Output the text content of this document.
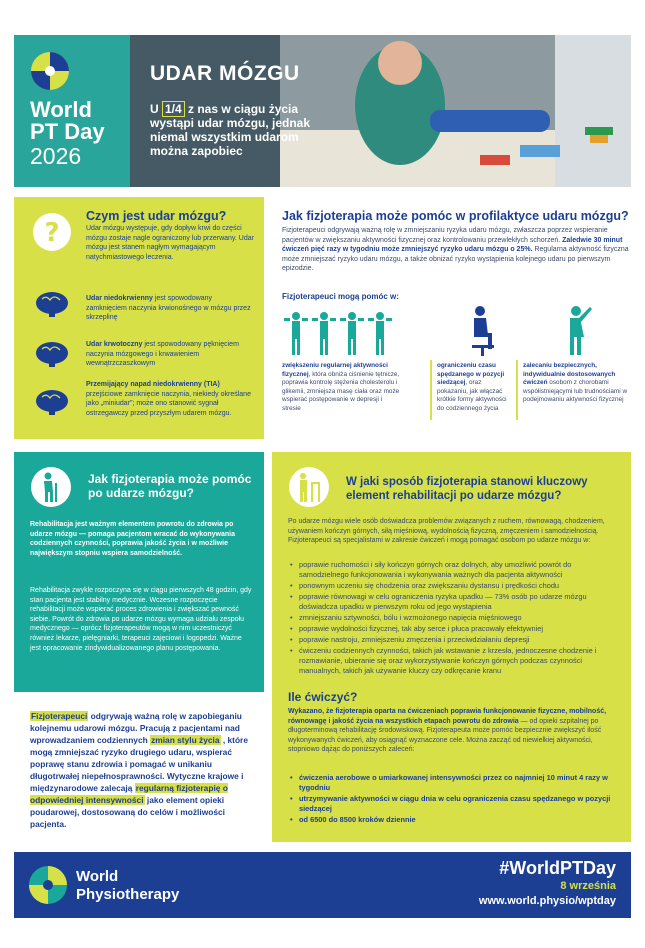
World
PT Day
2026
UDAR MÓZGU
U 1/4 z nas w ciągu życia wystąpi udar mózgu, jednak niemal wszystkim udarom można zapobiec
?
Czym jest udar mózgu?
Udar mózgu występuje, gdy dopływ krwi do części mózgu zostaje nagle ograniczony lub przerwany. Udar mózgu jest stanem nagłym wymagającym natychmiastowego leczenia.
Udar niedokrwienny jest spowodowany zamknięciem naczynia krwionośnego w mózgu przez skrzeplinę
Udar krwotoczny jest spowodowany pęknięciem naczynia mózgowego i krwawieniem wewnątrzczaszkowym
Przemijający napad niedokrwienny (TIA) przejściowe zamknięcie naczynia, niekiedy określane jako „miniudar"; może ono stanowić sygnał ostrzegawczy przed przyszłym udarem mózgu.
Jak fizjoterapia może pomóc w profilaktyce udaru mózgu?
Fizjoterapeuci odgrywają ważną rolę w zmniejszaniu ryzyka udaru mózgu, zwłaszcza poprzez wspieranie pacjentów w zwiększaniu aktywności fizycznej oraz kontrolowaniu przewlekłych schorzeń. Zaledwie 30 minut ćwiczeń pięć razy w tygodniu może zmniejszyć ryzyko udaru mózgu o 25%. Regularna aktywność fizyczna może zmniejszać ryzyko udaru mózgu, a także obniżać ryzyko wystąpienia kolejnego udaru po pierwszym epizodzie.
Fizjoterapeuci mogą pomóc w:
zwiększeniu regularnej aktywności fizycznej, która obniża ciśnienie tętnicze, poprawia kontrolę stężenia cholesterolu i glikemii, zmniejsza masę ciała oraz może wspierać postępowanie w depresji i stresie
ograniczeniu czasu spędzanego w pozycji siedzącej, oraz pokazaniu, jak włączać krótkie formy aktywności do codziennego życia
zalecaniu bezpiecznych, indywidualnie dostosowanych ćwiczeń osobom z chorobami współistniejącymi lub trudnościami w podejmowaniu aktywności fizycznej
Jak fizjoterapia może pomóc po udarze mózgu?
Rehabilitacja jest ważnym elementem powrotu do zdrowia po udarze mózgu — pomaga pacjentom wracać do wykonywania codziennych czynności, poprawia jakość życia i w możliwie największym stopniu wspiera samodzielność.
Rehabilitacja zwykle rozpoczyna się w ciągu pierwszych 48 godzin, gdy stan pacjenta jest stabilny medycznie. Wczesne rozpoczęcie rehabilitacji może wspierać proces zdrowienia i zwiększać pewność siebie. Powrót do zdrowia po udarze mózgu wymaga udziału zespołu medycznego — oprócz fizjoterapeutów mogą w nim uczestniczyć również lekarze, pielęgniarki, terapeuci zajęciowi i logopedzi. Ważne jest opracowanie zindywidualizowanego planu postępowania.
Fizjoterapeuci odgrywają ważną rolę w zapobieganiu kolejnemu udarowi mózgu. Pracują z pacjentami nad wprowadzaniem codziennych zmian stylu życia , które mogą zmniejszać ryzyko drugiego udaru, wspierać poprawę stanu zdrowia i pomagać w unikaniu długotrwałej niepełnosprawności. Wytyczne krajowe i międzynarodowe zalecają regularną fizjoterapię o odpowiedniej intensywności jako element opieki poudarowej, dostosowaną do celów i możliwości pacjenta.
W jaki sposób fizjoterapia stanowi kluczowy element rehabilitacji po udarze mózgu?
Po udarze mózgu wiele osób doświadcza problemów związanych z ruchem, równowagą, chodzeniem, używaniem kończyn górnych, siłą mięśniową, wydolnością fizyczną, zmęczeniem i samodzielnością. Fizjoterapeuci są specjalistami w zakresie ćwiczeń i mogą pomagać osobom po udarze mózgu w:
• poprawie ruchomości i siły kończyn górnych oraz dolnych, aby umożliwić powrót do samodzielnego funkcjonowania i wykonywania ważnych dla pacjenta aktywności
• ponownym uczeniu się chodzenia oraz zwiększaniu dystansu i prędkości chodu
• poprawie równowagi w celu ograniczenia ryzyka upadku — 73% osób po udarze mózgu doświadcza upadku w pierwszym roku od jego wystąpienia
• zmniejszaniu sztywności, bólu i wzmożonego napięcia mięśniowego
• poprawie wydolności fizycznej, tak aby serce i płuca pracowały efektywniej
• poprawie nastroju, zmniejszeniu zmęczenia i przeciwdziałaniu depresji
• ćwiczeniu codziennych czynności, takich jak wstawanie z krzesła, jednoczesne chodzenie i rozmawianie, ubieranie się oraz wykorzystywanie kończyn górnych podczas czynności manualnych, takich jak używanie kluczy czy odkręcanie kranu
Ile ćwiczyć?
Wykazano, że fizjoterapia oparta na ćwiczeniach poprawia funkcjonowanie fizyczne, mobilność, równowagę i jakość życia na wszystkich etapach powrotu do zdrowia — od opieki szpitalnej po długoterminową rehabilitację środowiskową. Fizjoterapeuta może pomóc bezpiecznie zwiększyć ilość wykonywanych ćwiczeń, aby osiągnąć wyznaczone cele. Można zacząć od niewielkiej aktywności, stopniowo dążąc do poniższych zaleceń:
• ćwiczenia aerobowe o umiarkowanej intensywności przez co najmniej 10 minut 4 razy w tygodniu
• utrzymywanie aktywności w ciągu dnia w celu ograniczenia czasu spędzanego w pozycji siedzącej
• od 6500 do 8500 kroków dziennie
World
Physiotherapy
#WorldPTDay
8 września
www.world.physio/wptday
